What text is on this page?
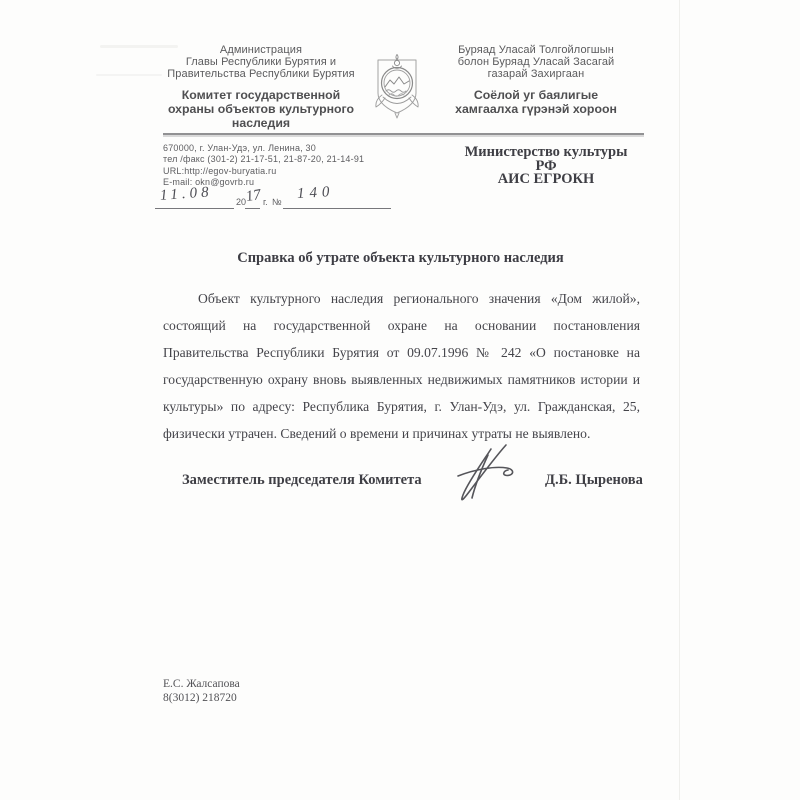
Администрация
Главы Республики Бурятия и
Правительства Республики Бурятия
Комитет государственной
охраны объектов культурного
наследия
Буряад Уласай Толгойлогшын
болон Буряад Уласай Засагай
газарай Захиргаан
Соёлой уг баялигые
хамгаалха гүрэнэй хороон
670000, г. Улан-Удэ, ул. Ленина, 30
тел /факс (301-2) 21-17-51, 21-87-20, 21-14-91
URL:http://egov-buryatia.ru
E-mail: okn@govrb.ru
Министерство культуры РФ
АИС ЕГРОКН
11.08	20
17 г. №
140
Справка об утрате объекта культурного наследия
Объект культурного наследия регионального значения «Дом жилой»,
состоящий на государственной охране на основании постановления
Правительства Республики Бурятия от 09.07.1996 № 242 «О постановке на
государственную охрану вновь выявленных недвижимых памятников истории и
культуры» по адресу: Республика Бурятия, г. Улан-Удэ, ул. Гражданская, 25,
физически утрачен. Сведений о времени и причинах утраты не выявлено.
Заместитель председателя Комитета	Д.Б. Цыренова
Е.С. Жалсапова
8(3012) 218720
